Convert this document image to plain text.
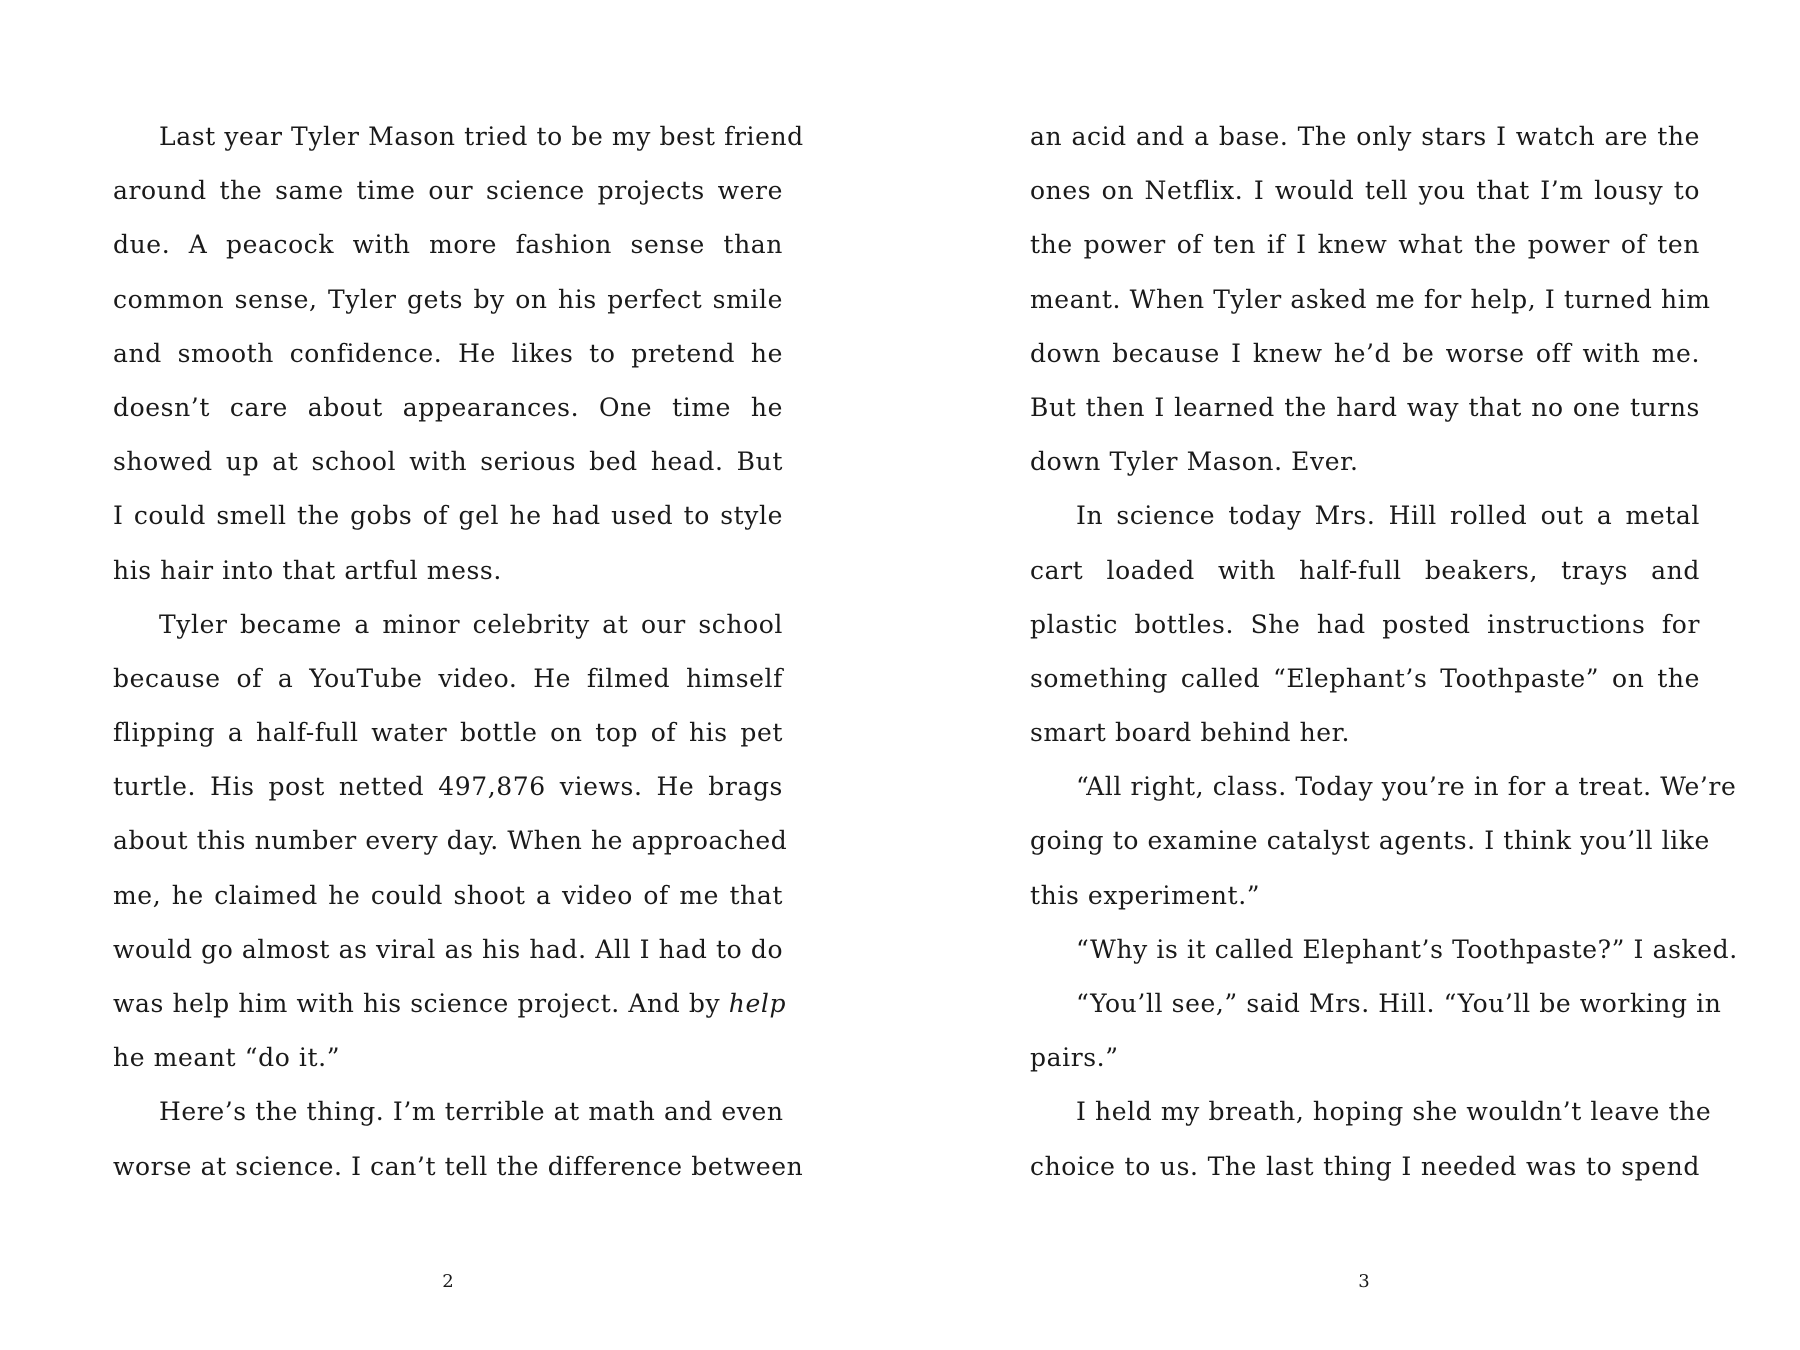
Last year Tyler Mason tried to be my best friend
around the same time our science projects were
due. A peacock with more fashion sense than
common sense, Tyler gets by on his perfect smile
and smooth confidence. He likes to pretend he
doesn’t care about appearances. One time he
showed up at school with serious bed head. But
I could smell the gobs of gel he had used to style
his hair into that artful mess.
Tyler became a minor celebrity at our school
because of a YouTube video. He filmed himself
flipping a half-full water bottle on top of his pet
turtle. His post netted 497,876 views. He brags
about this number every day. When he approached
me, he claimed he could shoot a video of me that
would go almost as viral as his had. All I had to do
was help him with his science project. And by help
he meant “do it.”
Here’s the thing. I’m terrible at math and even
worse at science. I can’t tell the difference between
2
an acid and a base. The only stars I watch are the
ones on Netflix. I would tell you that I’m lousy to
the power of ten if I knew what the power of ten
meant. When Tyler asked me for help, I turned him
down because I knew he’d be worse off with me.
But then I learned the hard way that no one turns
down Tyler Mason. Ever.
In science today Mrs. Hill rolled out a metal
cart loaded with half-full beakers, trays and
plastic bottles. She had posted instructions for
something called “Elephant’s Toothpaste” on the
smart board behind her.
“All right, class. Today you’re in for a treat. We’re
going to examine catalyst agents. I think you’ll like
this experiment.”
“Why is it called Elephant’s Toothpaste?” I asked.
“You’ll see,” said Mrs. Hill. “You’ll be working in
pairs.”
I held my breath, hoping she wouldn’t leave the
choice to us. The last thing I needed was to spend
3
